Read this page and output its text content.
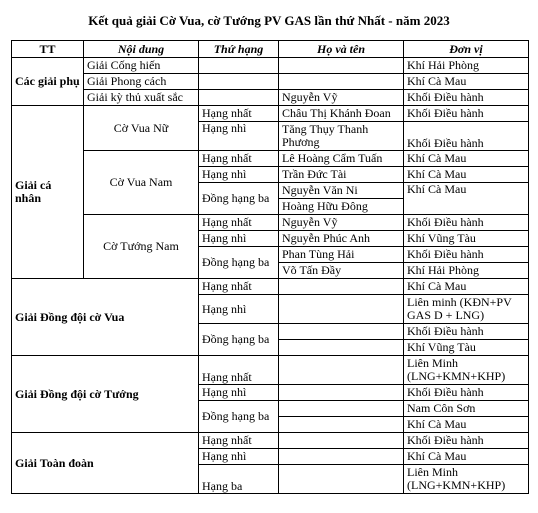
Kết quả giải Cờ Vua, cờ Tướng PV GAS lần thứ Nhất - năm 2023
TT	Nội dung	Thứ hạng	Họ và tên	Đơn vị
Các giải phụ	Giải Cống hiến			Khí Hải Phòng
	Giải Phong cách			Khí Cà Mau
	Giải kỳ thủ xuất sắc		Nguyễn Vỹ	Khối Điều hành
Giải cá nhân	Cờ Vua Nữ	Hạng nhất	Châu Thị Khánh Đoan	Khối Điều hành
		Hạng nhì	Tăng Thụy Thanh Phương	Khối Điều hành
	Cờ Vua Nam	Hạng nhất	Lê Hoàng Cẩm Tuấn	Khí Cà Mau
		Hạng nhì	Trần Đức Tài	Khí Cà Mau
		Đồng hạng ba	Nguyễn Văn Ni	Khí Cà Mau
			Hoàng Hữu Đông	
	Cờ Tướng Nam	Hạng nhất	Nguyễn Vỹ	Khối Điều hành
		Hạng nhì	Nguyễn Phúc Anh	Khí Vũng Tàu
		Đồng hạng ba	Phan Tùng Hải	Khối Điều hành
			Võ Tấn Đầy	Khí Hải Phòng
Giải Đồng đội cờ Vua		Hạng nhất		Khí Cà Mau
		Hạng nhì		Liên minh (KĐN+PV GAS D + LNG)
		Đồng hạng ba		Khối Điều hành
				Khí Vũng Tàu
Giải Đồng đội cờ Tướng		Hạng nhất		Liên Minh (LNG+KMN+KHP)
		Hạng nhì		Khối Điều hành
		Đồng hạng ba		Nam Côn Sơn
				Khí Cà Mau
Giải Toàn đoàn		Hạng nhất		Khối Điều hành
		Hạng nhì		Khí Cà Mau
		Hạng ba		Liên Minh (LNG+KMN+KHP)
